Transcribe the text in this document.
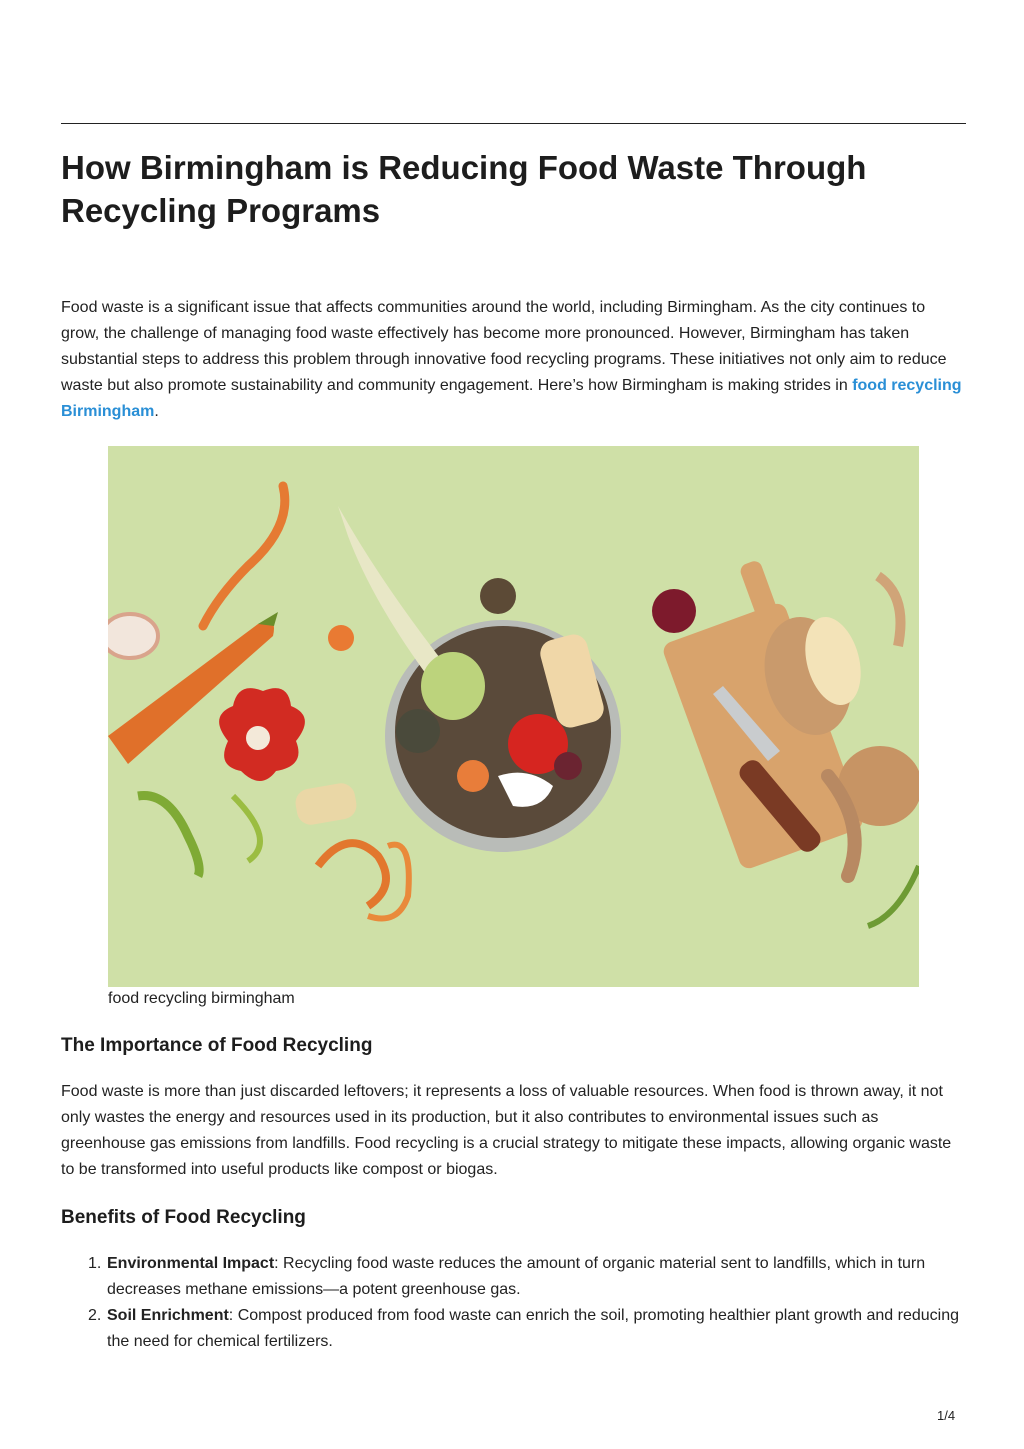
How Birmingham is Reducing Food Waste Through Recycling Programs

Food waste is a significant issue that affects communities around the world, including Birmingham. As the city continues to grow, the challenge of managing food waste effectively has become more pronounced. However, Birmingham has taken substantial steps to address this problem through innovative food recycling programs. These initiatives not only aim to reduce waste but also promote sustainability and community engagement. Here’s how Birmingham is making strides in food recycling Birmingham.

food recycling birmingham
The Importance of Food Recycling

Food waste is more than just discarded leftovers; it represents a loss of valuable resources. When food is thrown away, it not only wastes the energy and resources used in its production, but it also contributes to environmental issues such as greenhouse gas emissions from landfills. Food recycling is a crucial strategy to mitigate these impacts, allowing organic waste to be transformed into useful products like compost or biogas.

Benefits of Food Recycling
1. Environmental Impact: Recycling food waste reduces the amount of organic material sent to landfills, which in turn decreases methane emissions—a potent greenhouse gas.
2. Soil Enrichment: Compost produced from food waste can enrich the soil, promoting healthier plant growth and reducing the need for chemical fertilizers.
1/4
